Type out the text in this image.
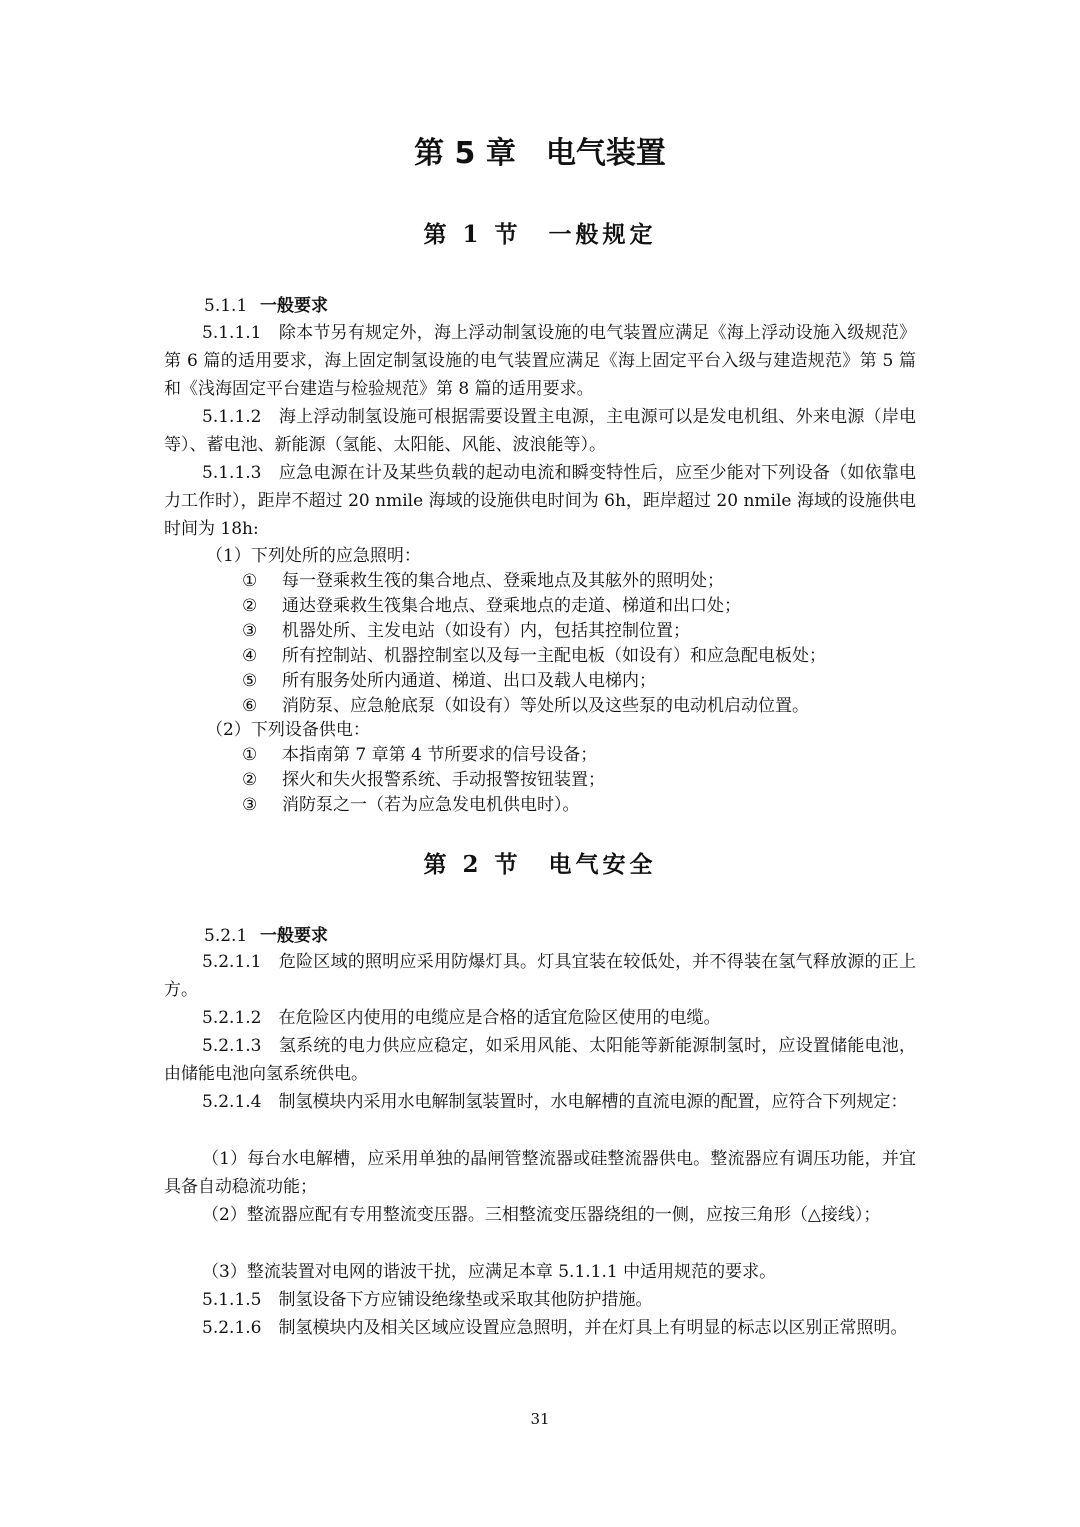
第 5 章　电气装置
第 1 节　一般规定

5.1.1 一般要求

5.1.1.1　除本节另有规定外，海上浮动制氢设施的电气装置应满足《海上浮动设施入级规范》第 6 篇的适用要求，海上固定制氢设施的电气装置应满足《海上固定平台入级与建造规范》第 5 篇和《浅海固定平台建造与检验规范》第 8 篇的适用要求。

5.1.1.2　海上浮动制氢设施可根据需要设置主电源，主电源可以是发电机组、外来电源（岸电等）、蓄电池、新能源（氢能、太阳能、风能、波浪能等）。

5.1.1.3　应急电源在计及某些负载的起动电流和瞬变特性后，应至少能对下列设备（如依靠电力工作时），距岸不超过 20 nmile 海域的设施供电时间为 6h，距岸超过 20 nmile 海域的设施供电时间为 18h:

（1）下列处所的应急照明：

① 每一登乘救生筏的集合地点、登乘地点及其舷外的照明处；

② 通达登乘救生筏集合地点、登乘地点的走道、梯道和出口处；

③ 机器处所、主发电站（如设有）内，包括其控制位置；

④ 所有控制站、机器控制室以及每一主配电板（如设有）和应急配电板处；

⑤ 所有服务处所内通道、梯道、出口及载人电梯内；

⑥ 消防泵、应急舱底泵（如设有）等处所以及这些泵的电动机启动位置。

（2）下列设备供电：

① 本指南第 7 章第 4 节所要求的信号设备；

② 探火和失火报警系统、手动报警按钮装置；

③ 消防泵之一（若为应急发电机供电时）。

第 2 节　电气安全

5.2.1 一般要求

5.2.1.1　危险区域的照明应采用防爆灯具。灯具宜装在较低处，并不得装在氢气释放源的正上方。

5.2.1.2　在危险区内使用的电缆应是合格的适宜危险区使用的电缆。

5.2.1.3　氢系统的电力供应应稳定，如采用风能、太阳能等新能源制氢时，应设置储能电池，由储能电池向氢系统供电。

5.2.1.4　制氢模块内采用水电解制氢装置时，水电解槽的直流电源的配置，应符合下列规定：

（1）每台水电解槽，应采用单独的晶闸管整流器或硅整流器供电。整流器应有调压功能，并宜具备自动稳流功能；

（2）整流器应配有专用整流变压器。三相整流变压器绕组的一侧，应按三角形（△接线）；

（3）整流装置对电网的谐波干扰，应满足本章 5.1.1.1 中适用规范的要求。

5.1.1.5　制氢设备下方应铺设绝缘垫或采取其他防护措施。

5.2.1.6　制氢模块内及相关区域应设置应急照明，并在灯具上有明显的标志以区别正常照明。

31
